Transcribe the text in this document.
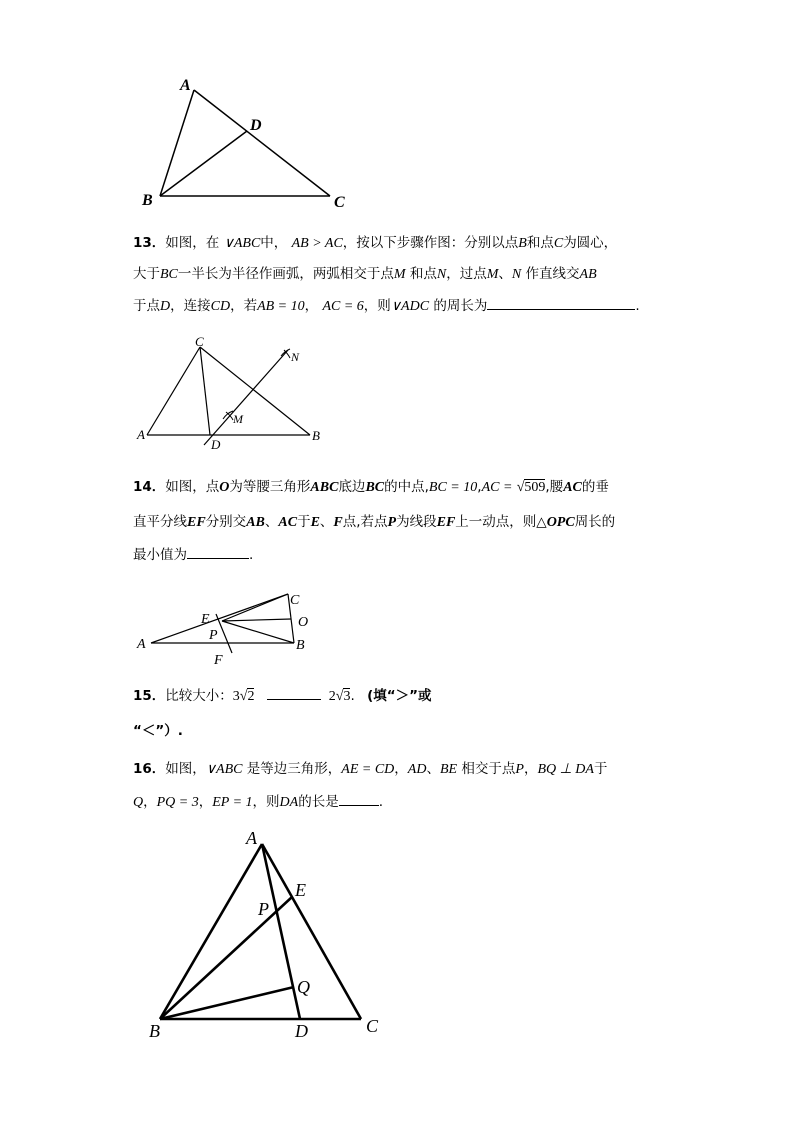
A
B	C
D
13．如图，在 ∨ABC中， AB > AC，按以下步骤作图：分别以点B和点C为圆心，
大于BC一半长为半径作画弧，两弧相交于点M 和点N，过点M、N 作直线交AB
于点D，连接CD，若AB = 10， AC = 6，则∨ADC 的周长为	.
C
A	B
D
M
N
14．如图，点O为等腰三角形ABC底边BC的中点,BC = 10,AC = √509,腰AC的垂
直平分线EF分别交AB、AC于E、F点,若点P为线段EF上一动点，则△OPC周长的
最小值为	.
A	B
C
O
E
P
F
15．比较大小：3√2	2√3. (填“＞”或
“＜”）.
16．如图，∨ABC 是等边三角形，AE = CD，AD、BE 相交于点P，BQ ⊥ DA于
Q，PQ = 3，EP = 1，则DA的长是	.
A
E
P
Q
B	D	C
